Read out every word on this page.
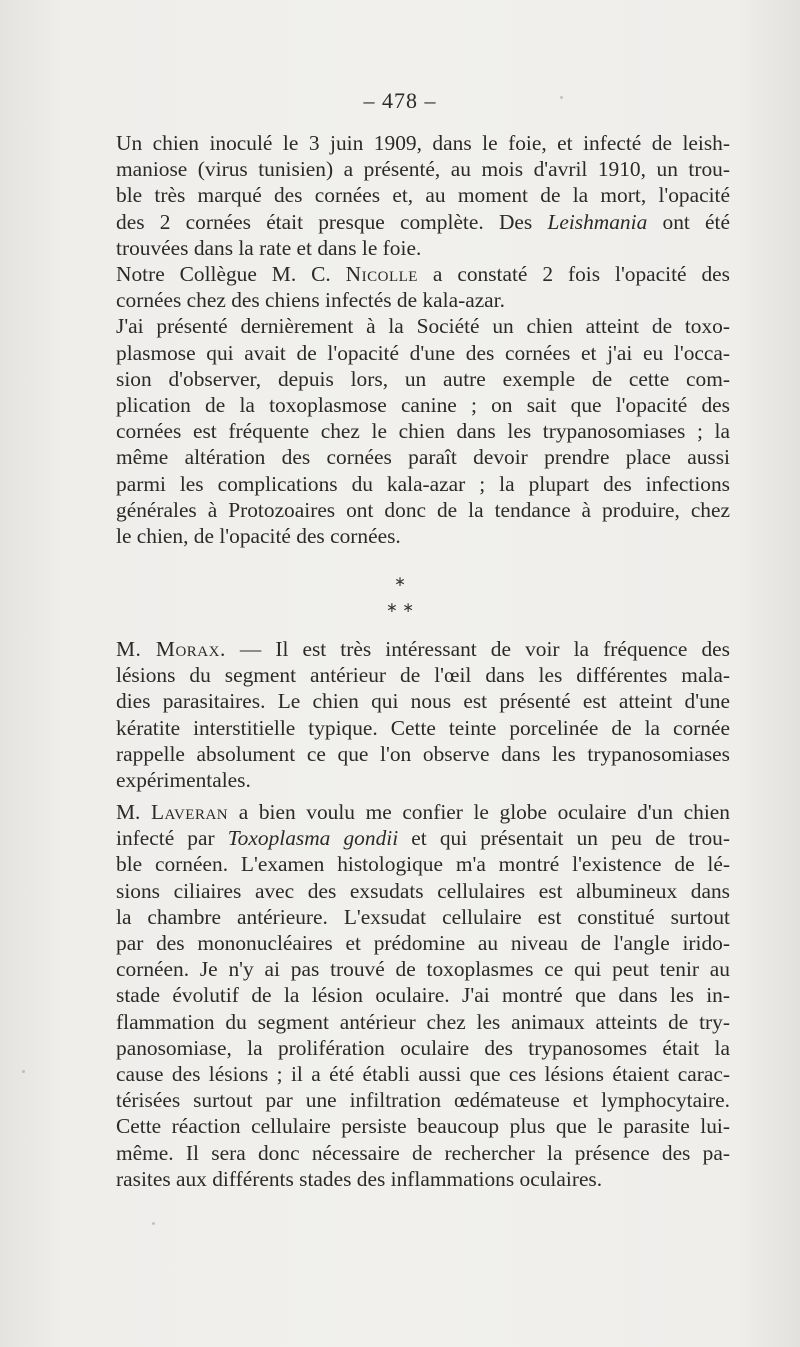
– 478 –
Un chien inoculé le 3 juin 1909, dans le foie, et infecté de leish-
maniose (virus tunisien) a présenté, au mois d'avril 1910, un trou-
ble très marqué des cornées et, au moment de la mort, l'opacité
des 2 cornées était presque complète. Des Leishmania ont été
trouvées dans la rate et dans le foie.
Notre Collègue M. C. Nicolle a constaté 2 fois l'opacité des
cornées chez des chiens infectés de kala-azar.
J'ai présenté dernièrement à la Société un chien atteint de toxo-
plasmose qui avait de l'opacité d'une des cornées et j'ai eu l'occa-
sion d'observer, depuis lors, un autre exemple de cette com-
plication de la toxoplasmose canine ; on sait que l'opacité des
cornées est fréquente chez le chien dans les trypanosomiases ; la
même altération des cornées paraît devoir prendre place aussi
parmi les complications du kala-azar ; la plupart des infections
générales à Protozoaires ont donc de la tendance à produire, chez
le chien, de l'opacité des cornées.
∗
∗ ∗
M. Morax. — Il est très intéressant de voir la fréquence des
lésions du segment antérieur de l'œil dans les différentes mala-
dies parasitaires. Le chien qui nous est présenté est atteint d'une
kératite interstitielle typique. Cette teinte porcelinée de la cornée
rappelle absolument ce que l'on observe dans les trypanosomiases
expérimentales.
M. Laveran a bien voulu me confier le globe oculaire d'un chien
infecté par Toxoplasma gondii et qui présentait un peu de trou-
ble cornéen. L'examen histologique m'a montré l'existence de lé-
sions ciliaires avec des exsudats cellulaires est albumineux dans
la chambre antérieure. L'exsudat cellulaire est constitué surtout
par des mononucléaires et prédomine au niveau de l'angle irido-
cornéen. Je n'y ai pas trouvé de toxoplasmes ce qui peut tenir au
stade évolutif de la lésion oculaire. J'ai montré que dans les in-
flammation du segment antérieur chez les animaux atteints de try-
panosomiase, la prolifération oculaire des trypanosomes était la
cause des lésions ; il a été établi aussi que ces lésions étaient carac-
térisées surtout par une infiltration œdémateuse et lymphocytaire.
Cette réaction cellulaire persiste beaucoup plus que le parasite lui-
même. Il sera donc nécessaire de rechercher la présence des pa-
rasites aux différents stades des inflammations oculaires.
